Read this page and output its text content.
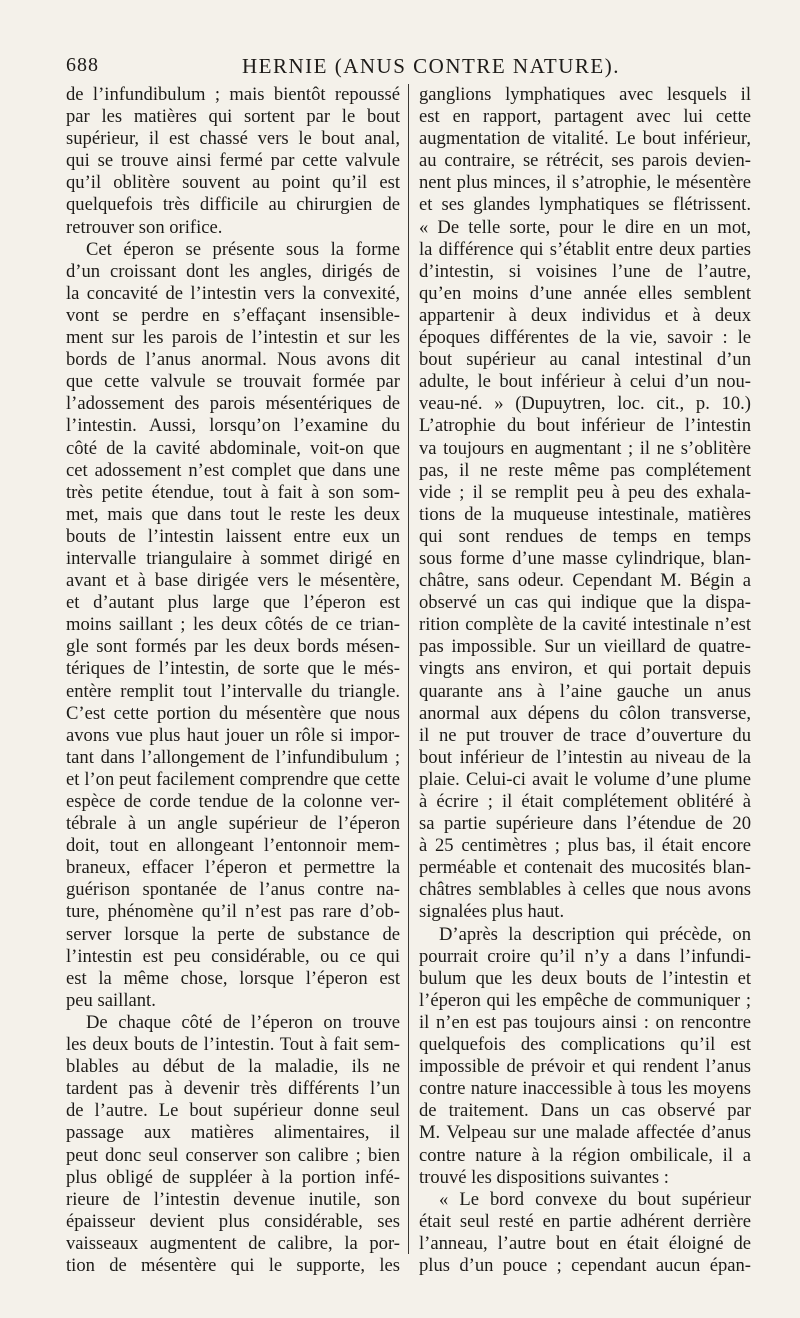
688	HERNIE (ANUS CONTRE NATURE).
de l’infundibulum ; mais bientôt repoussé
par les matières qui sortent par le bout
supérieur, il est chassé vers le bout anal,
qui se trouve ainsi fermé par cette valvule
qu’il oblitère souvent au point qu’il est
quelquefois très difficile au chirurgien de
retrouver son orifice.
Cet éperon se présente sous la forme
d’un croissant dont les angles, dirigés de
la concavité de l’intestin vers la convexité,
vont se perdre en s’effaçant insensible-
ment sur les parois de l’intestin et sur les
bords de l’anus anormal. Nous avons dit
que cette valvule se trouvait formée par
l’adossement des parois mésentériques de
l’intestin. Aussi, lorsqu’on l’examine du
côté de la cavité abdominale, voit-on que
cet adossement n’est complet que dans une
très petite étendue, tout à fait à son som-
met, mais que dans tout le reste les deux
bouts de l’intestin laissent entre eux un
intervalle triangulaire à sommet dirigé en
avant et à base dirigée vers le mésentère,
et d’autant plus large que l’éperon est
moins saillant ; les deux côtés de ce trian-
gle sont formés par les deux bords mésen-
tériques de l’intestin, de sorte que le més-
entère remplit tout l’intervalle du triangle.
C’est cette portion du mésentère que nous
avons vue plus haut jouer un rôle si impor-
tant dans l’allongement de l’infundibulum ;
et l’on peut facilement comprendre que cette
espèce de corde tendue de la colonne ver-
tébrale à un angle supérieur de l’éperon
doit, tout en allongeant l’entonnoir mem-
braneux, effacer l’éperon et permettre la
guérison spontanée de l’anus contre na-
ture, phénomène qu’il n’est pas rare d’ob-
server lorsque la perte de substance de
l’intestin est peu considérable, ou ce qui
est la même chose, lorsque l’éperon est
peu saillant.
De chaque côté de l’éperon on trouve
les deux bouts de l’intestin. Tout à fait sem-
blables au début de la maladie, ils ne
tardent pas à devenir très différents l’un
de l’autre. Le bout supérieur donne seul
passage aux matières alimentaires, il
peut donc seul conserver son calibre ; bien
plus obligé de suppléer à la portion infé-
rieure de l’intestin devenue inutile, son
épaisseur devient plus considérable, ses
vaisseaux augmentent de calibre, la por-
tion de mésentère qui le supporte, les
ganglions lymphatiques avec lesquels il
est en rapport, partagent avec lui cette
augmentation de vitalité. Le bout inférieur,
au contraire, se rétrécit, ses parois devien-
nent plus minces, il s’atrophie, le mésentère
et ses glandes lymphatiques se flétrissent.
« De telle sorte, pour le dire en un mot,
la différence qui s’établit entre deux parties
d’intestin, si voisines l’une de l’autre,
qu’en moins d’une année elles semblent
appartenir à deux individus et à deux
époques différentes de la vie, savoir : le
bout supérieur au canal intestinal d’un
adulte, le bout inférieur à celui d’un nou-
veau-né. » (Dupuytren, loc. cit., p. 10.)
L’atrophie du bout inférieur de l’intestin
va toujours en augmentant ; il ne s’oblitère
pas, il ne reste même pas complétement
vide ; il se remplit peu à peu des exhala-
tions de la muqueuse intestinale, matières
qui sont rendues de temps en temps
sous forme d’une masse cylindrique, blan-
châtre, sans odeur. Cependant M. Bégin a
observé un cas qui indique que la dispa-
rition complète de la cavité intestinale n’est
pas impossible. Sur un vieillard de quatre-
vingts ans environ, et qui portait depuis
quarante ans à l’aine gauche un anus
anormal aux dépens du côlon transverse,
il ne put trouver de trace d’ouverture du
bout inférieur de l’intestin au niveau de la
plaie. Celui-ci avait le volume d’une plume
à écrire ; il était complétement oblitéré à
sa partie supérieure dans l’étendue de 20
à 25 centimètres ; plus bas, il était encore
perméable et contenait des mucosités blan-
châtres semblables à celles que nous avons
signalées plus haut.
D’après la description qui précède, on
pourrait croire qu’il n’y a dans l’infundi-
bulum que les deux bouts de l’intestin et
l’éperon qui les empêche de communiquer ;
il n’en est pas toujours ainsi : on rencontre
quelquefois des complications qu’il est
impossible de prévoir et qui rendent l’anus
contre nature inaccessible à tous les moyens
de traitement. Dans un cas observé par
M. Velpeau sur une malade affectée d’anus
contre nature à la région ombilicale, il a
trouvé les dispositions suivantes :
« Le bord convexe du bout supérieur
était seul resté en partie adhérent derrière
l’anneau, l’autre bout en était éloigné de
plus d’un pouce ; cependant aucun épan-
